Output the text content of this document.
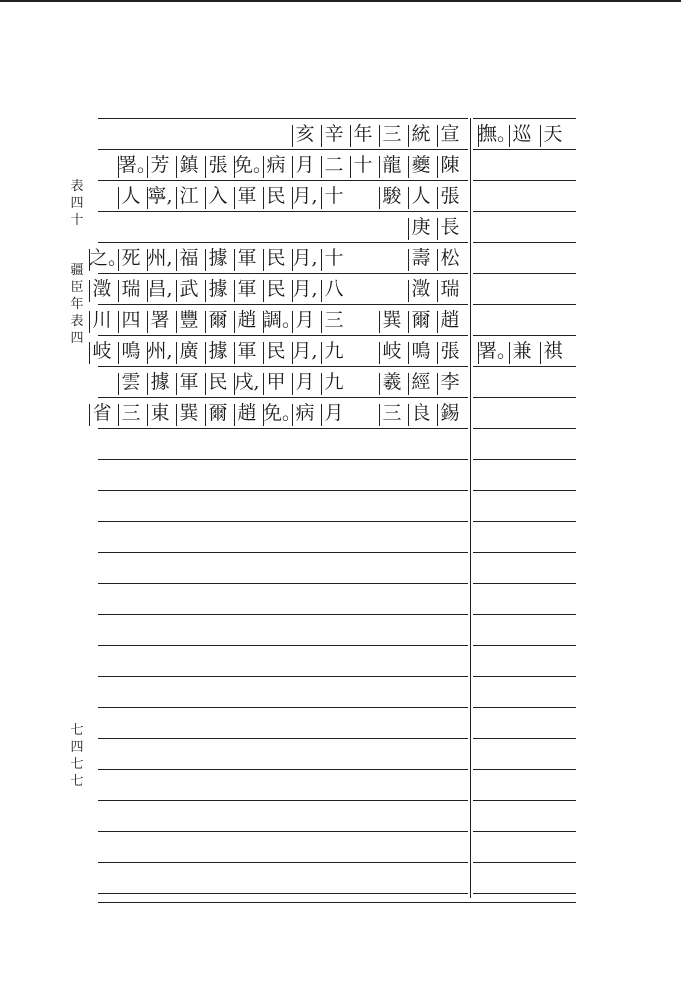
表
四
十
疆
臣
年
表
四
七
四
七
七
宣
統
三
年
辛
亥
陳
夔
龍
十
二
月
病
免。
張
鎮
芳
署。
張
人
駿
十
月,
民
軍
入
江
寧,
人
長
庚
松
壽
十
月,
民
軍
據
福
州,
死
之。
瑞
澂
八
月,
民
軍
據
武
昌,
瑞
澂
趙
爾
巽
三
月
調。
趙
爾
豐
署
四
川
張
鳴
岐
九
月,
民
軍
據
廣
州,
鳴
岐
李
經
羲
九
月
甲
戌,
民
軍
據
雲
錫
良
三
月
病
免。
趙
爾
巽
東
三
省
天
巡
撫。
祺
兼
署。
